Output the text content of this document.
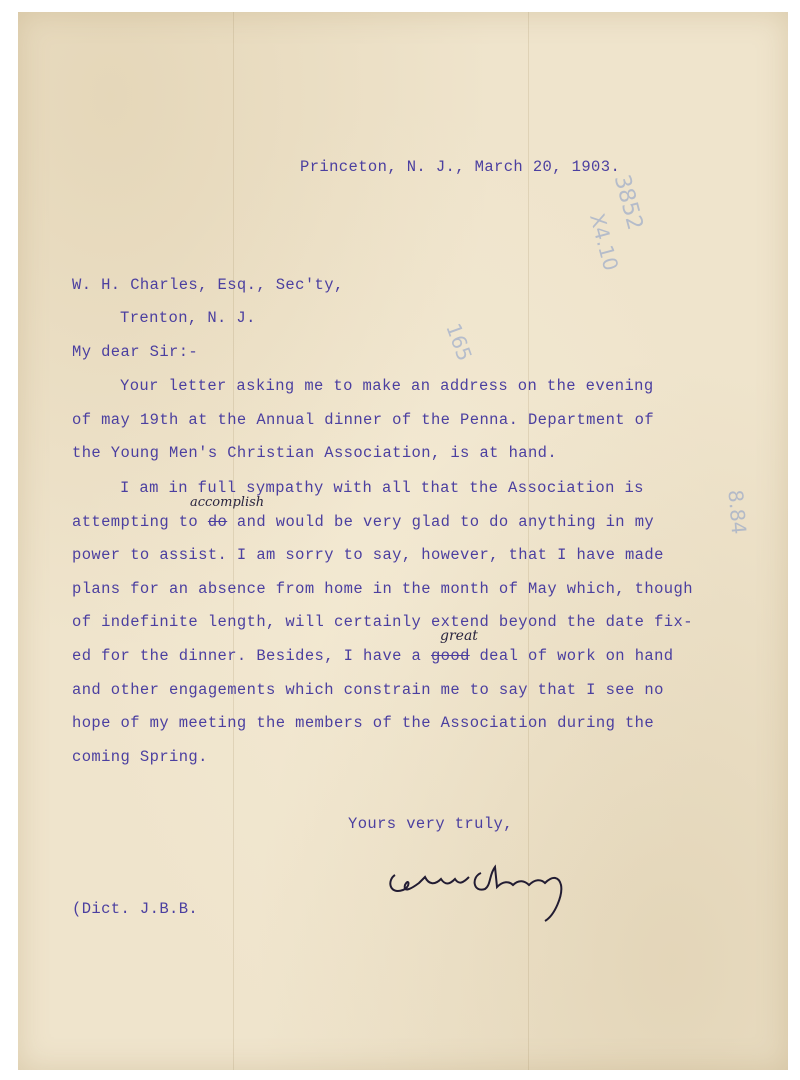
3852
165
X4.10
8.84
Princeton, N. J., March 20, 1903.
W. H. Charles, Esq., Sec'ty,
Trenton, N. J.
My dear Sir:-
Your letter asking me to make an address on the evening
of may 19th at the Annual dinner of the Penna. Department of
the Young Men's Christian Association, is at hand.
I am in full sympathy with all that the Association is
accomplish
attempting to do and would be very glad to do anything in my
power to assist. I am sorry to say, however, that I have made
plans for an absence from home in the month of May which, though
of indefinite length, will certainly extend beyond the date fix-
great
ed for the dinner. Besides, I have a good deal of work on hand
and other engagements which constrain me to say that I see no
hope of my meeting the members of the Association during the
coming Spring.
Yours very truly,
(Dict. J.B.B.
